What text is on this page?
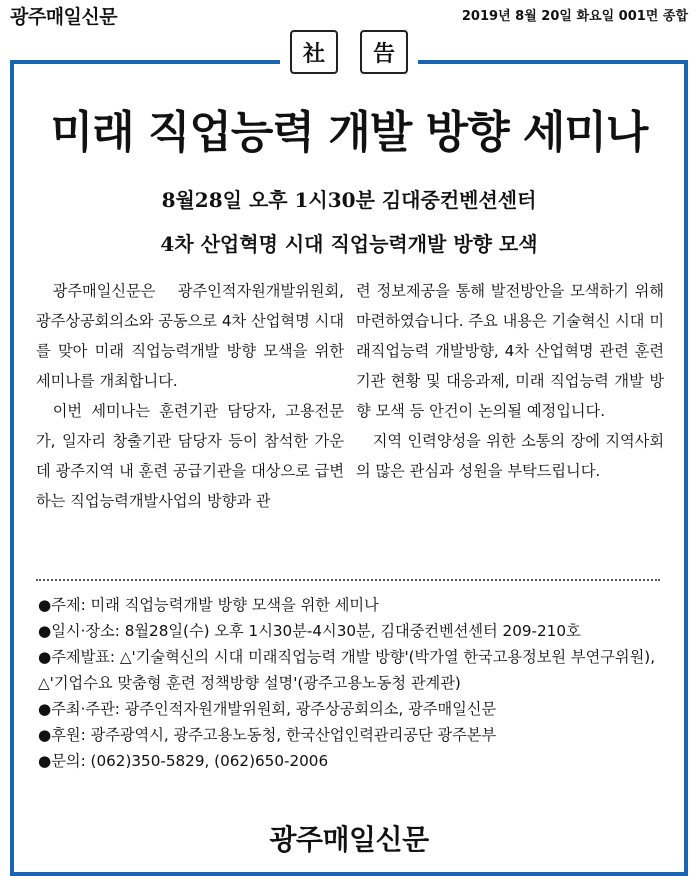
광주매일신문	2019년 8월 20일 화요일 001면 종합
社	告
미래 직업능력 개발 방향 세미나
8월28일 오후 1시30분 김대중컨벤션센터
4차 산업혁명 시대 직업능력개발 방향 모색

광주매일신문은 광주인적자원개발위원회, 광주상공회의소와 공동으로 4차 산업혁명 시대를 맞아 미래 직업능력개발 방향 모색을 위한 세미나를 개최합니다.

이번 세미나는 훈련기관 담당자, 고용전문가, 일자리 창출기관 담당자 등이 참석한 가운데 광주지역 내 훈련 공급기관을 대상으로 급변하는 직업능력개발사업의 방향과 관

련 정보제공을 통해 발전방안을 모색하기 위해 마련하였습니다. 주요 내용은 기술혁신 시대 미래직업능력 개발방향, 4차 산업혁명 관련 훈련기관 현황 및 대응과제, 미래 직업능력 개발 방향 모색 등 안건이 논의될 예정입니다.

지역 인력양성을 위한 소통의 장에 지역사회의 많은 관심과 성원을 부탁드립니다.

●주제: 미래 직업능력개발 방향 모색을 위한 세미나
●일시·장소: 8월28일(수) 오후 1시30분-4시30분, 김대중컨벤션센터 209-210호
●주제발표: △'기술혁신의 시대 미래직업능력 개발 방향'(박가열 한국고용정보원 부연구위원), △'기업수요 맞춤형 훈련 정책방향 설명'(광주고용노동청 관계관)
●주최·주관: 광주인적자원개발위원회, 광주상공회의소, 광주매일신문
●후원: 광주광역시, 광주고용노동청, 한국산업인력관리공단 광주본부
●문의: (062)350-5829, (062)650-2006
광주매일신문
